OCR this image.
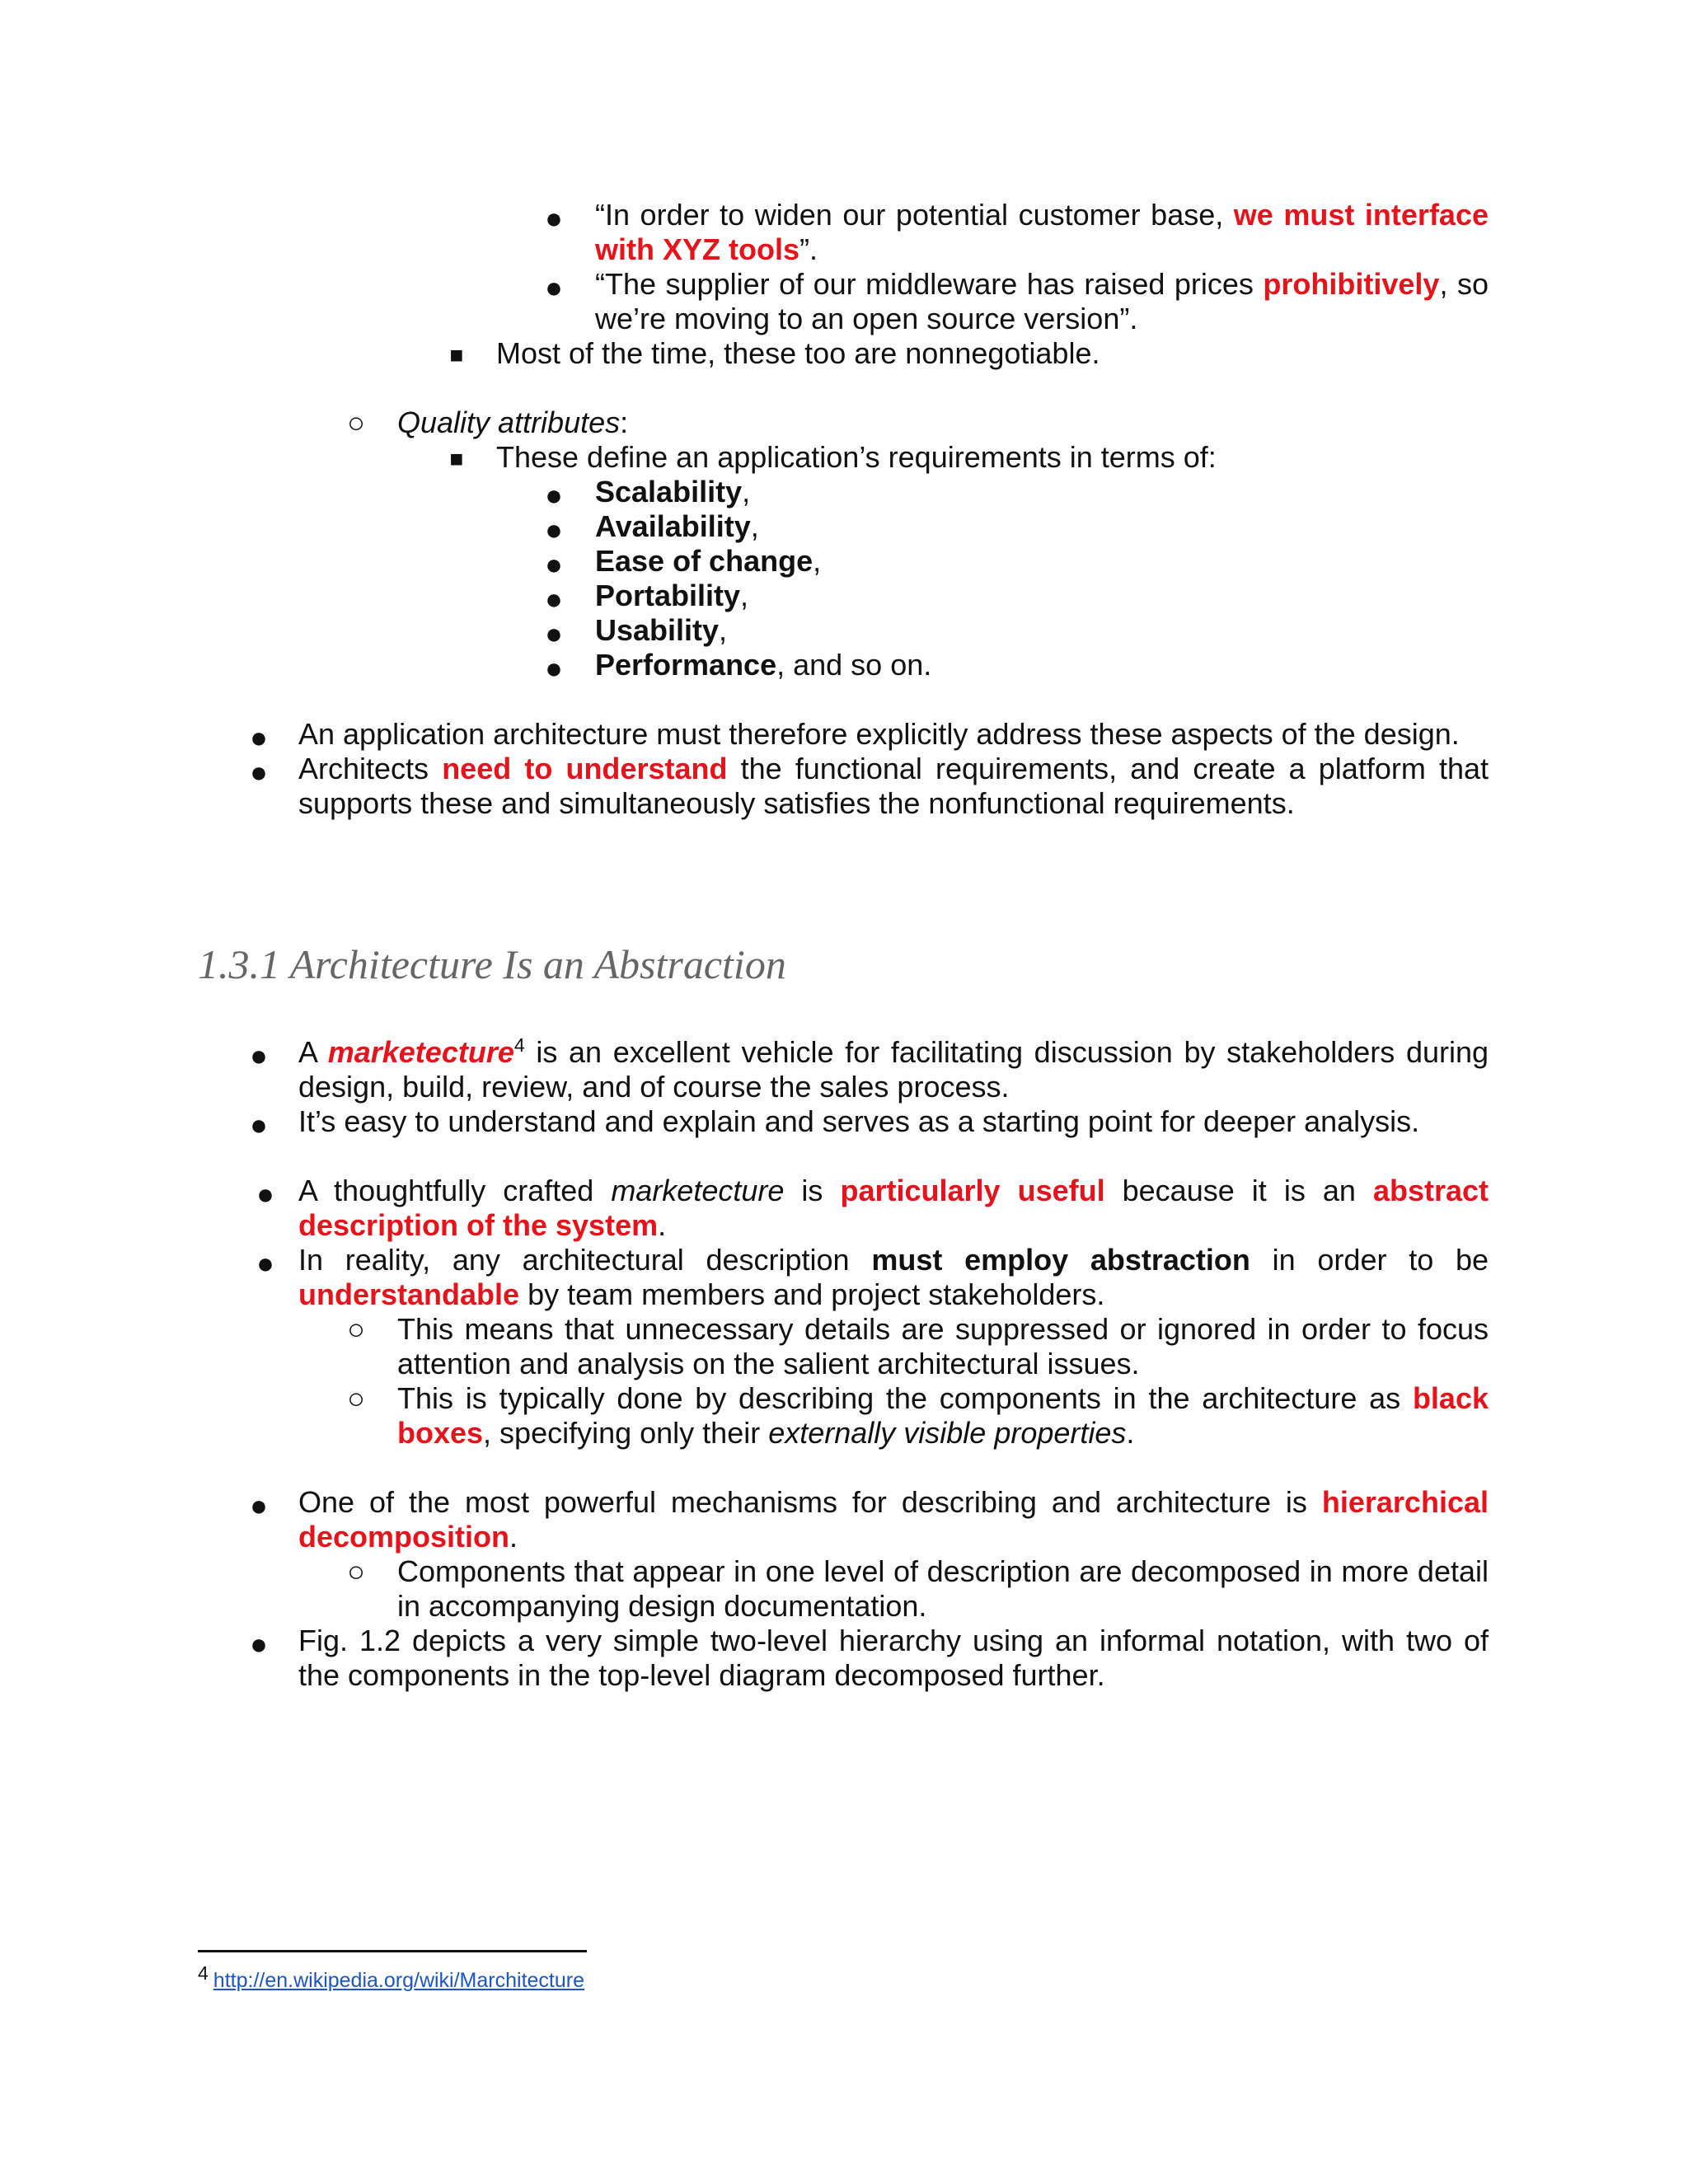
● “In order to widen our potential customer base, we must interface with XYZ tools”.
● “The supplier of our middleware has raised prices prohibitively, so we’re moving to an open source version”.
■ Most of the time, these too are nonnegotiable.
○ Quality attributes:
■ These define an application’s requirements in terms of:
● Scalability,
● Availability,
● Ease of change,
● Portability,
● Usability,
● Performance, and so on.
● An application architecture must therefore explicitly address these aspects of the design.
● Architects need to understand the functional requirements, and create a platform that supports these and simultaneously satisfies the nonfunctional requirements.
1.3.1 Architecture Is an Abstraction
● A marketecture$^4$ is an excellent vehicle for facilitating discussion by stakeholders during design, build, review, and of course the sales process.
● It’s easy to understand and explain and serves as a starting point for deeper analysis.
● A thoughtfully crafted marketecture is particularly useful because it is an abstract description of the system.
● In reality, any architectural description must employ abstraction in order to be understandable by team members and project stakeholders.
○ This means that unnecessary details are suppressed or ignored in order to focus attention and analysis on the salient architectural issues.
○ This is typically done by describing the components in the architecture as black boxes, specifying only their externally visible properties.
● One of the most powerful mechanisms for describing and architecture is hierarchical decomposition.
○ Components that appear in one level of description are decomposed in more detail in accompanying design documentation.
● Fig. 1.2 depicts a very simple two-level hierarchy using an informal notation, with two of the components in the top-level diagram decomposed further.
4 http://en.wikipedia.org/wiki/Marchitecture
